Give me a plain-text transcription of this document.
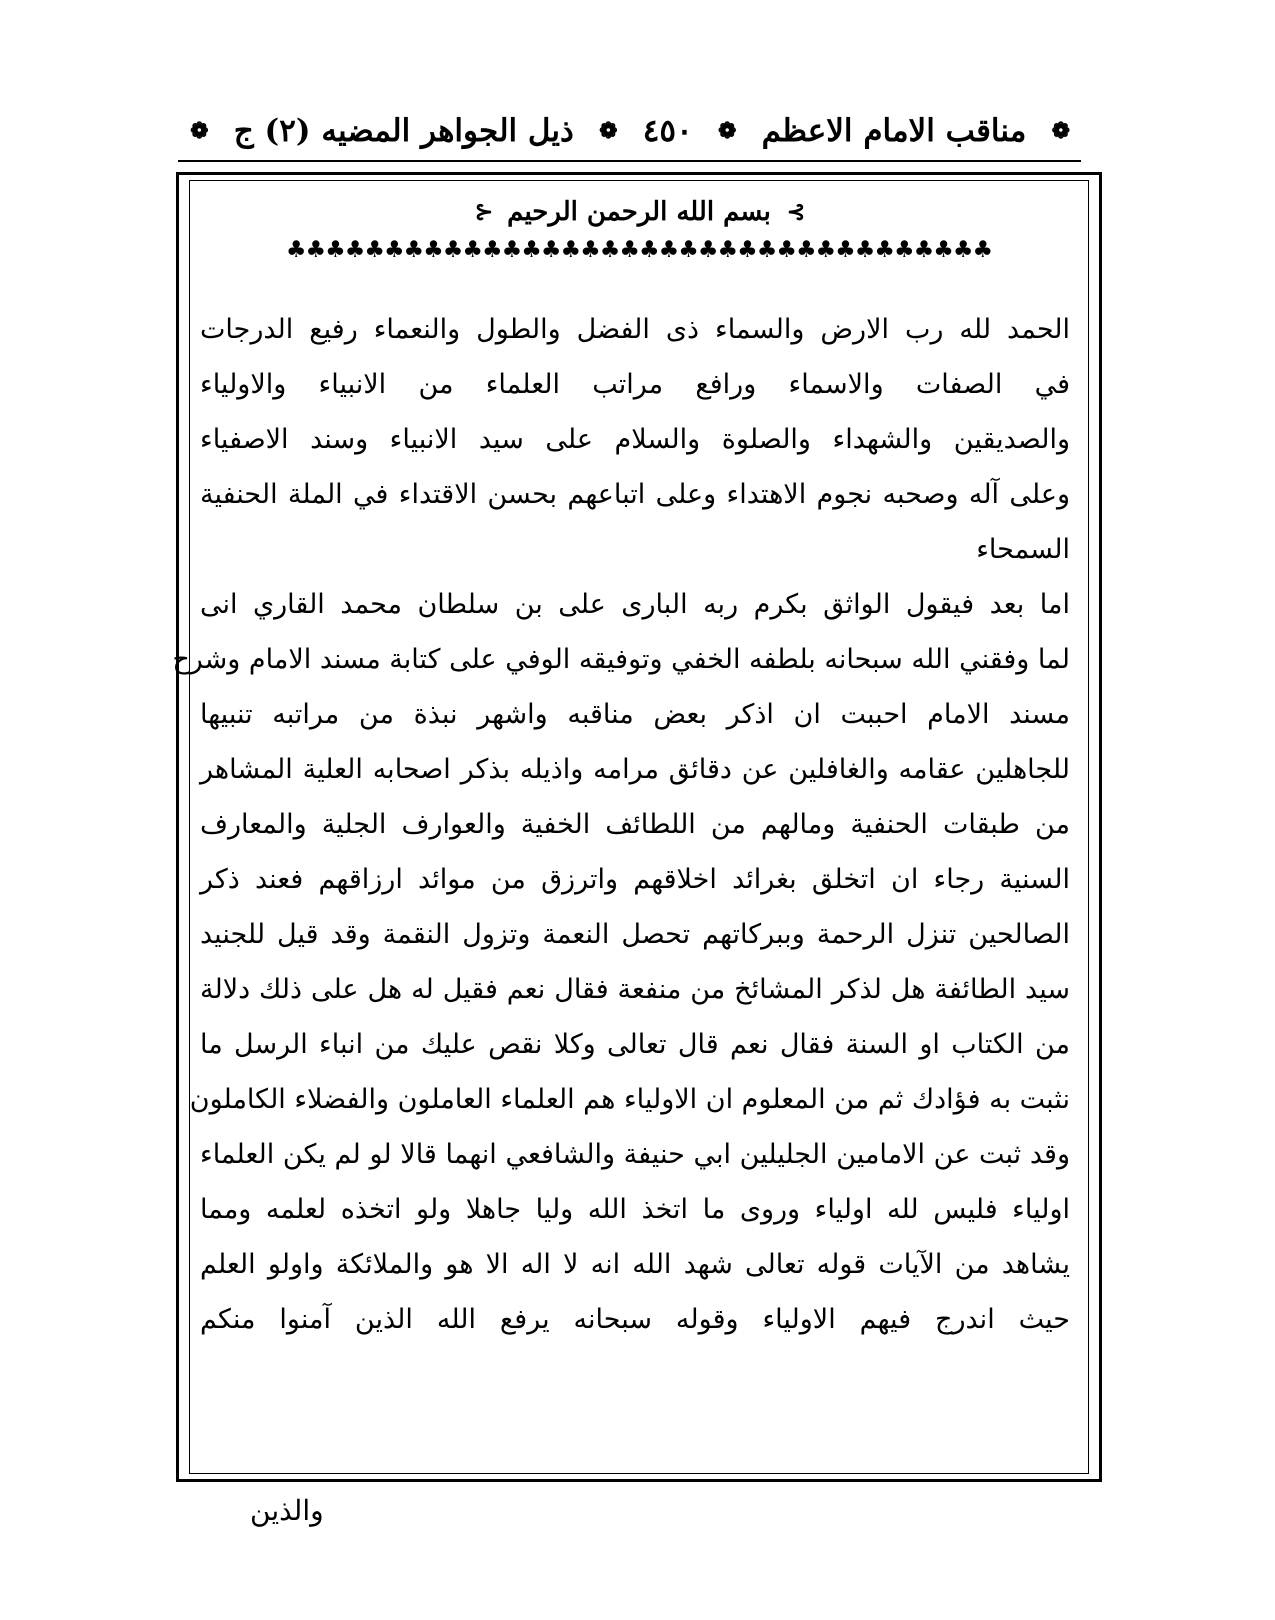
❁
مناقب الامام الاعظم
❁
٤٥٠
❁
ذيل الجواهر المضيه (٢) ج
❁
⊱
بسم الله الرحمن الرحيم
⊰
♣♣♣♣♣♣♣♣♣♣♣♣♣♣♣♣♣♣♣♣♣♣♣♣♣♣♣♣♣♣♣♣♣♣♣♣
الحمد لله رب الارض والسماء ذى الفضل والطول والنعماء رفيع الدرجات
في الصفات والاسماء ورافع مراتب العلماء من الانبياء والاولياء
والصديقين والشهداء والصلوة والسلام على سيد الانبياء وسند الاصفياء
وعلى آله وصحبه نجوم الاهتداء وعلى اتباعهم بحسن الاقتداء في الملة الحنفية
السمحاء
اما بعد فيقول الواثق بكرم ربه البارى على بن سلطان محمد القاري انى
لما وفقني الله سبحانه بلطفه الخفي وتوفيقه الوفي على كتابة مسند الامام وشرح
مسند الامام احببت ان اذكر بعض مناقبه واشهر نبذة من مراتبه تنبيها
للجاهلين عقامه والغافلين عن دقائق مرامه واذيله بذكر اصحابه العلية المشاهر
من طبقات الحنفية ومالهم من اللطائف الخفية والعوارف الجلية والمعارف
السنية رجاء ان اتخلق بغرائد اخلاقهم واترزق من موائد ارزاقهم فعند ذكر
الصالحين تنزل الرحمة وببركاتهم تحصل النعمة وتزول النقمة وقد قيل للجنيد
سيد الطائفة هل لذكر المشائخ من منفعة فقال نعم فقيل له هل على ذلك دلالة
من الكتاب او السنة فقال نعم قال تعالى وكلا نقص عليك من انباء الرسل ما
نثبت به فؤادك ثم من المعلوم ان الاولياء هم العلماء العاملون والفضلاء الكاملون
وقد ثبت عن الامامين الجليلين ابي حنيفة والشافعي انهما قالا لو لم يكن العلماء
اولياء فليس لله اولياء وروى ما اتخذ الله وليا جاهلا ولو اتخذه لعلمه ومما
يشاهد من الآيات قوله تعالى شهد الله انه لا اله الا هو والملائكة واولو العلم
حيث اندرج فيهم الاولياء وقوله سبحانه يرفع الله الذين آمنوا منكم
والذين
